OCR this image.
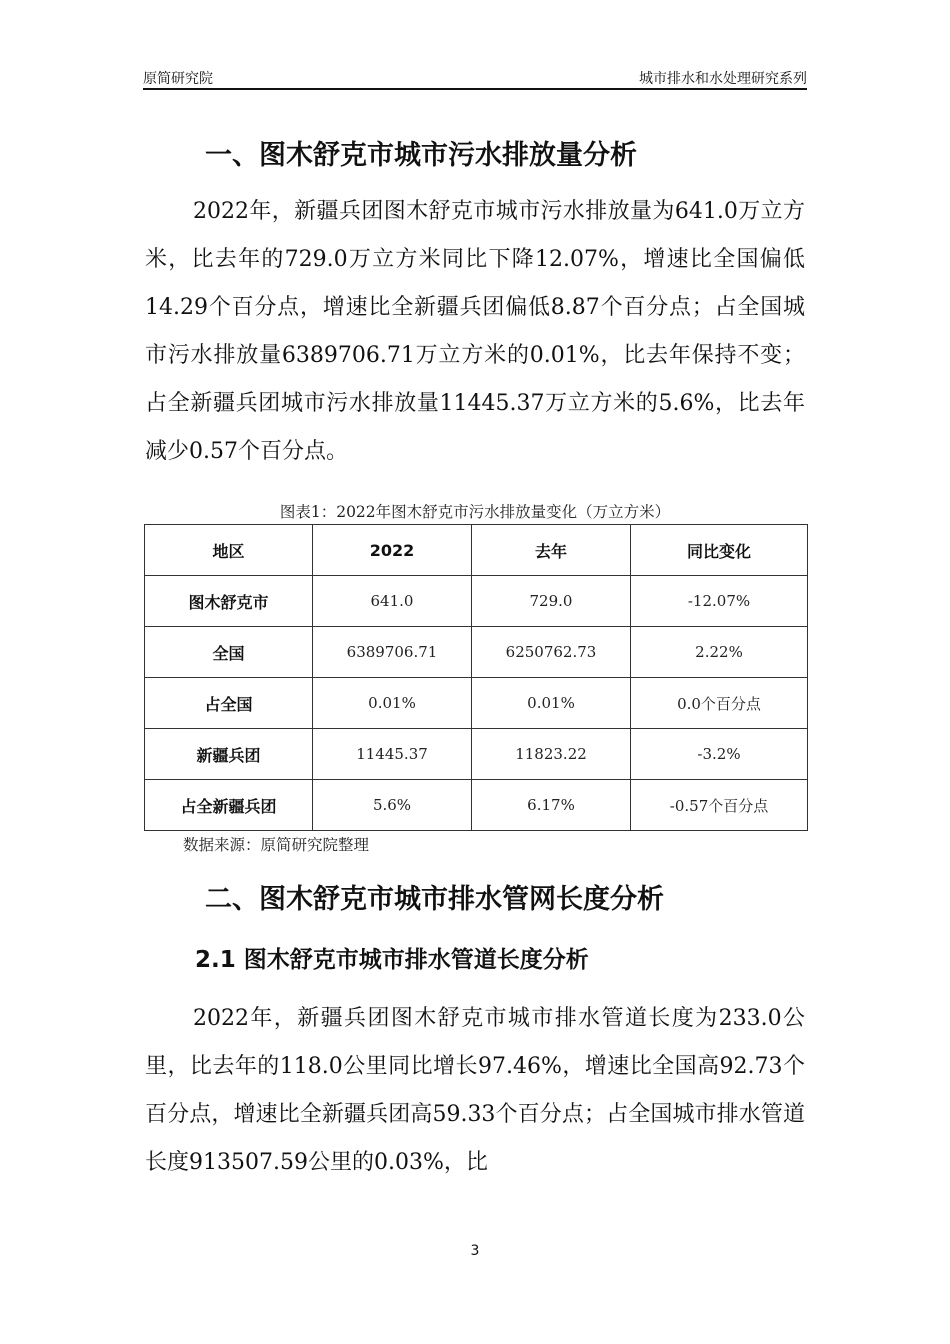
原简研究院	城市排水和水处理研究系列
一、图木舒克市城市污水排放量分析
2022年，新疆兵团图木舒克市城市污水排放量为641.0万立方米，比去年的729.0万立方米同比下降12.07%，增速比全国偏低14.29个百分点，增速比全新疆兵团偏低8.87个百分点；占全国城市污水排放量6389706.71万立方米的0.01%，比去年保持不变；占全新疆兵团城市污水排放量11445.37万立方米的5.6%，比去年减少0.57个百分点。
图表1：2022年图木舒克市污水排放量变化（万立方米）
地区	2022	去年	同比变化
图木舒克市	641.0	729.0	-12.07%
全国	6389706.71	6250762.73	2.22%
占全国	0.01%	0.01%	0.0个百分点
新疆兵团	11445.37	11823.22	-3.2%
占全新疆兵团	5.6%	6.17%	-0.57个百分点
数据来源：原简研究院整理
二、图木舒克市城市排水管网长度分析
2.1 图木舒克市城市排水管道长度分析
2022年，新疆兵团图木舒克市城市排水管道长度为233.0公里，比去年的118.0公里同比增长97.46%，增速比全国高92.73个百分点，增速比全新疆兵团高59.33个百分点；占全国城市排水管道长度913507.59公里的0.03%，比
3
